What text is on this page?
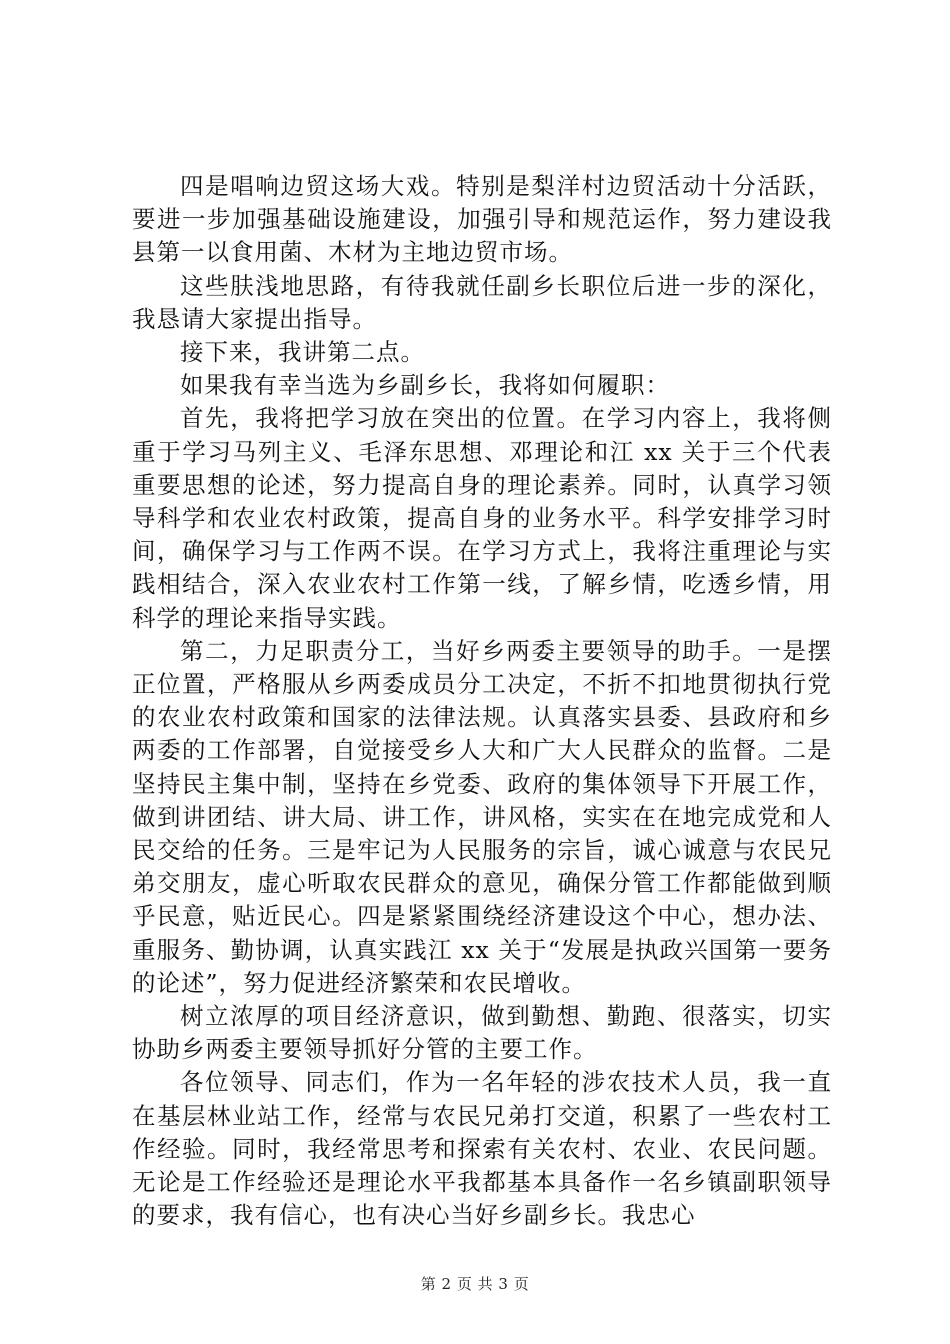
四是唱响边贸这场大戏。特别是梨洋村边贸活动十分活跃，要进一步加强基础设施建设，加强引导和规范运作，努力建设我县第一以食用菌、木材为主地边贸市场。

这些肤浅地思路，有待我就任副乡长职位后进一步的深化，我恳请大家提出指导。

接下来，我讲第二点。

如果我有幸当选为乡副乡长，我将如何履职：

首先，我将把学习放在突出的位置。在学习内容上，我将侧重于学习马列主义、毛泽东思想、邓理论和江 xx 关于三个代表重要思想的论述，努力提高自身的理论素养。同时，认真学习领导科学和农业农村政策，提高自身的业务水平。科学安排学习时间，确保学习与工作两不误。在学习方式上，我将注重理论与实践相结合，深入农业农村工作第一线，了解乡情，吃透乡情，用科学的理论来指导实践。

第二，力足职责分工，当好乡两委主要领导的助手。一是摆正位置，严格服从乡两委成员分工决定，不折不扣地贯彻执行党的农业农村政策和国家的法律法规。认真落实县委、县政府和乡两委的工作部署，自觉接受乡人大和广大人民群众的监督。二是坚持民主集中制，坚持在乡党委、政府的集体领导下开展工作，做到讲团结、讲大局、讲工作，讲风格，实实在在地完成党和人民交给的任务。三是牢记为人民服务的宗旨，诚心诚意与农民兄弟交朋友，虚心听取农民群众的意见，确保分管工作都能做到顺乎民意，贴近民心。四是紧紧围绕经济建设这个中心，想办法、重服务、勤协调，认真实践江 xx 关于“发展是执政兴国第一要务的论述”，努力促进经济繁荣和农民增收。

树立浓厚的项目经济意识，做到勤想、勤跑、很落实，切实协助乡两委主要领导抓好分管的主要工作。

各位领导、同志们，作为一名年轻的涉农技术人员，我一直在基层林业站工作，经常与农民兄弟打交道，积累了一些农村工作经验。同时，我经常思考和探索有关农村、农业、农民问题。无论是工作经验还是理论水平我都基本具备作一名乡镇副职领导的要求，我有信心，也有决心当好乡副乡长。我忠心

第 2 页 共 3 页
